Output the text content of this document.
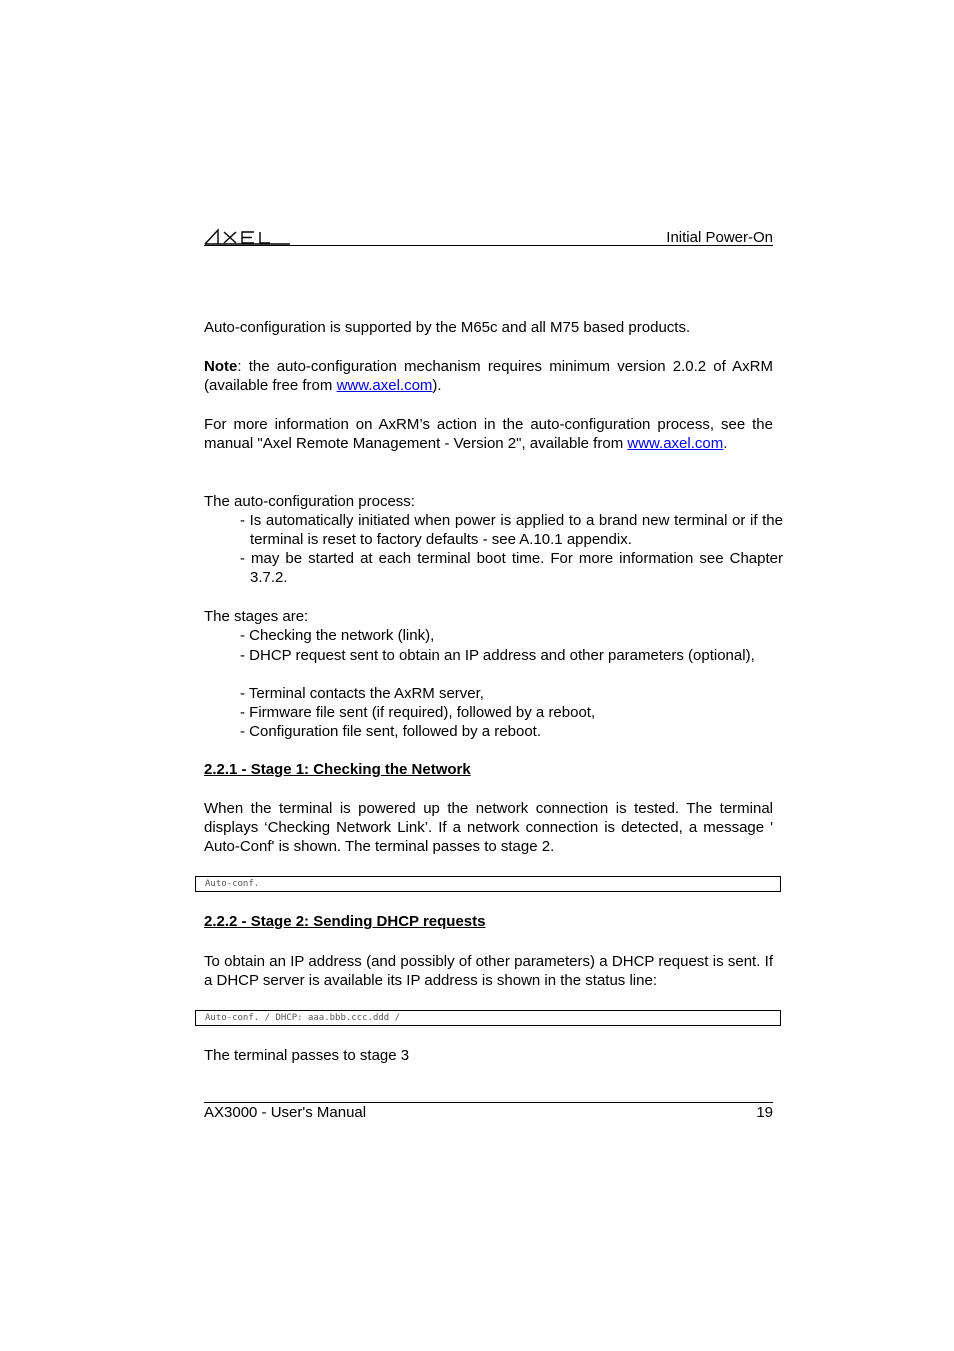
Initial Power-On
Auto-configuration is supported by the M65c and all M75 based products.
Note: the auto-configuration mechanism requires minimum version 2.0.2 of AxRM (available free from www.axel.com).
For more information on AxRM’s action in the auto-configuration process, see the manual "Axel Remote Management - Version 2", available from www.axel.com.
The auto-configuration process:
- Is automatically initiated when power is applied to a brand new terminal or if the terminal is reset to factory defaults - see A.10.1 appendix.
- may be started at each terminal boot time. For more information see Chapter 3.7.2.
The stages are:
- Checking the network (link),
- DHCP request sent to obtain an IP address and other parameters (optional),
- Terminal contacts the AxRM server,
- Firmware file sent (if required), followed by a reboot,
- Configuration file sent, followed by a reboot.
2.2.1 - Stage 1: Checking the Network
When the terminal is powered up the network connection is tested. The terminal displays ‘Checking Network Link’. If a network connection is detected, a message ' Auto-Conf' is shown. The terminal passes to stage 2.
Auto-conf.
2.2.2 - Stage 2: Sending DHCP requests
To obtain an IP address (and possibly of other parameters) a DHCP request is sent. If a DHCP server is available its IP address is shown in the status line:
Auto-conf. / DHCP: aaa.bbb.ccc.ddd /
The terminal passes to stage 3
AX3000 - User's Manual	19
